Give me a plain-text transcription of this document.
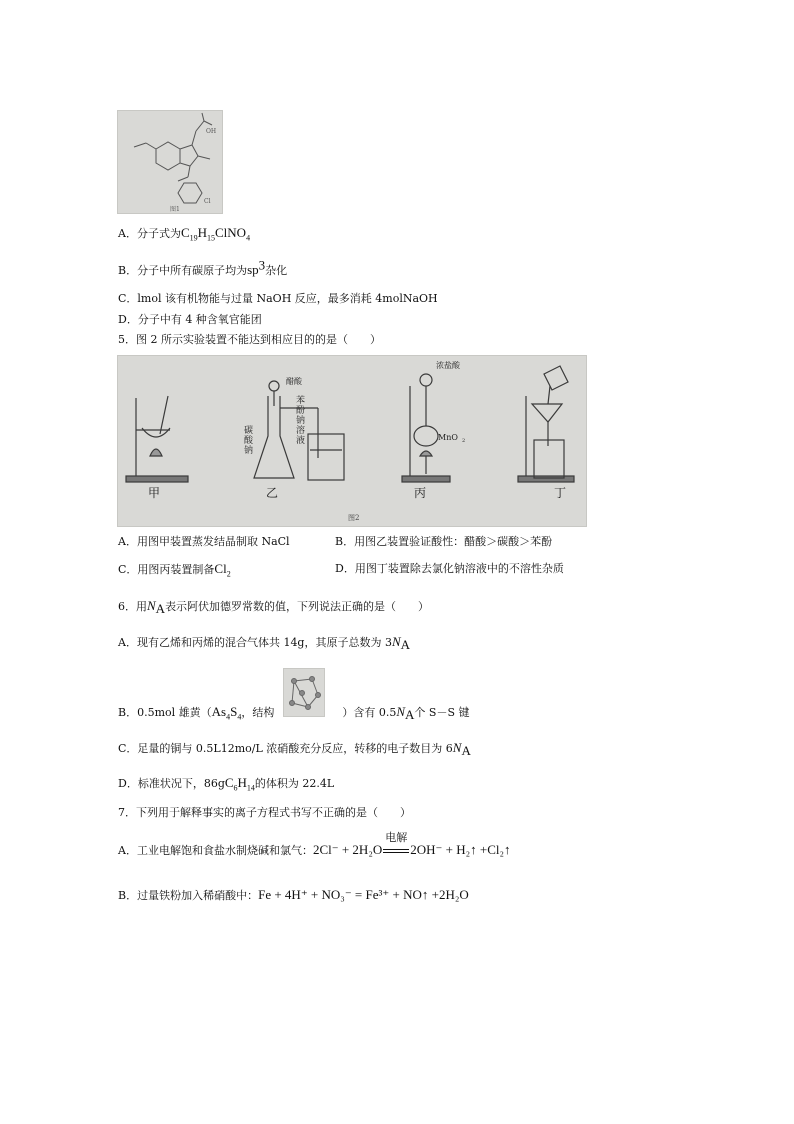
OH
Cl
图1
A．分子式为$C_{19}H_{15}ClNO_4$
B．分子中所有碳原子均为$sp^3$杂化
C．lmol 该有机物能与过量 NaOH 反应，最多消耗 4molNaOH
D．分子中有 4 种含氧官能团
5．图 2 所示实验装置不能达到相应目的的是（　　）
甲	乙	丙	丁
醋酸
浓盐酸
MnO 2
图2
碳酸钠
苯酚钠溶液
A．用图甲装置蒸发结晶制取 NaCl	B．用图乙装置验证酸性：醋酸＞碳酸＞苯酚
C．用图丙装置制备$Cl_2$	D．用图丁装置除去氯化钠溶液中的不溶性杂质
6．用$N_A$表示阿伏加德罗常数的值，下列说法正确的是（　　）
A．现有乙烯和丙烯的混合气体共 14g，其原子总数为 $3N_A$
B．0.5mol 雄黄（$As_4S_4$，结构	）含有 $0.5N_A$个 S－S 键
C．足量的铜与 0.5L12mo/L 浓硝酸充分反应，转移的电子数目为 $6N_A$
D．标准状况下，$86gC_6H_{14}$的体积为 22.4L
7．下列用于解释事实的离子方程式书写不正确的是（　　）
A．工业电解饱和食盐水制烧碱和氯气：2Cl⁻ + 2H₂O
电解
2OH⁻ + H₂↑ +Cl₂↑
B．过量铁粉加入稀硝酸中：Fe + 4H⁺ + NO₃⁻ = Fe³⁺ + NO↑ +2H₂O
